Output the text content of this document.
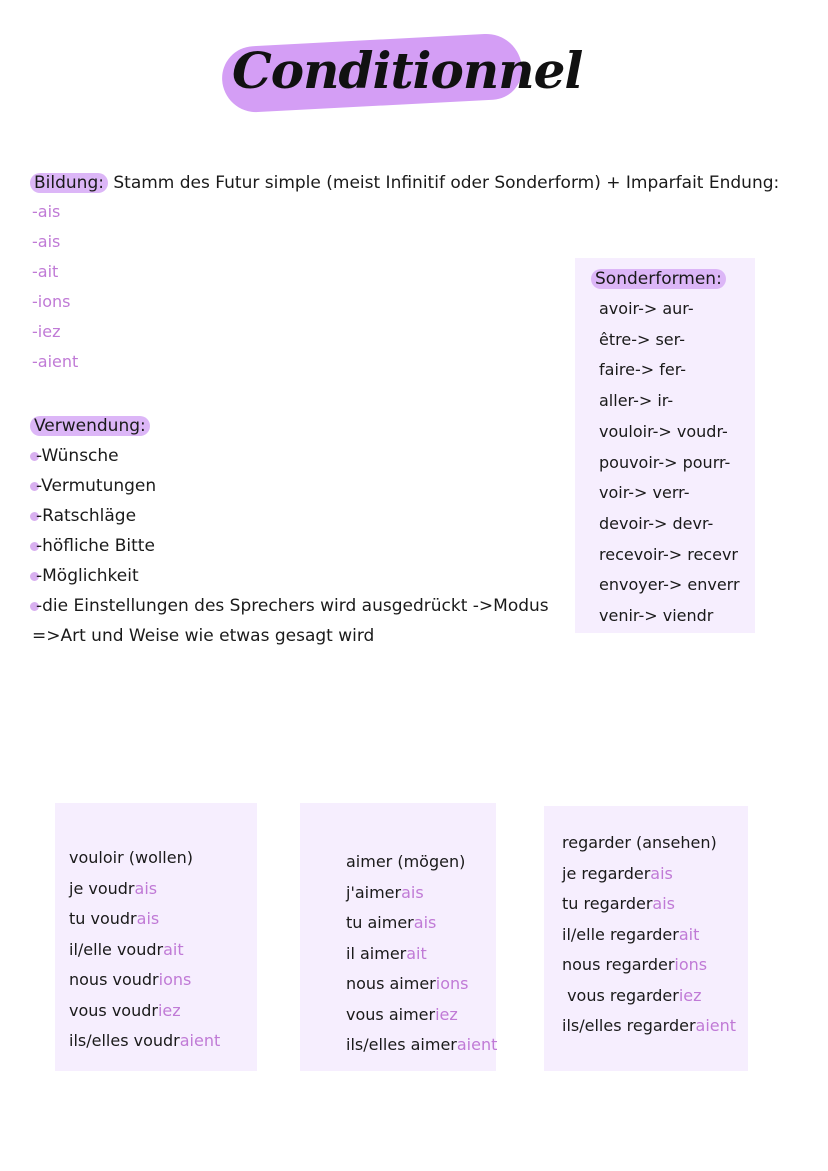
Conditionnel
Bildung: Stamm des Futur simple (meist Infinitif oder Sonderform) + Imparfait Endung:
-ais
-ais
-ait
-ions
-iez
-aient
Verwendung:
-Wünsche
-Vermutungen
-Ratschläge
-höfliche Bitte
-Möglichkeit
-die Einstellungen des Sprechers wird ausgedrückt ->Modus
=>Art und Weise wie etwas gesagt wird
Sonderformen:
avoir-> aur-
être-> ser-
faire-> fer-
aller-> ir-
vouloir-> voudr-
pouvoir-> pourr-
voir-> verr-
devoir-> devr-
recevoir-> recevr
envoyer-> enverr
venir-> viendr
vouloir (wollen)
je voudrais
tu voudrais
il/elle voudrait
nous voudrions
vous voudriez
ils/elles voudraient
aimer (mögen)
j'aimerais
tu aimerais
il aimerait
nous aimerions
vous aimeriez
ils/elles aimeraient
regarder (ansehen)
je regarderais
tu regarderais
il/elle regarderait
nous regarderions
vous regarderiez
ils/elles regarderaient
